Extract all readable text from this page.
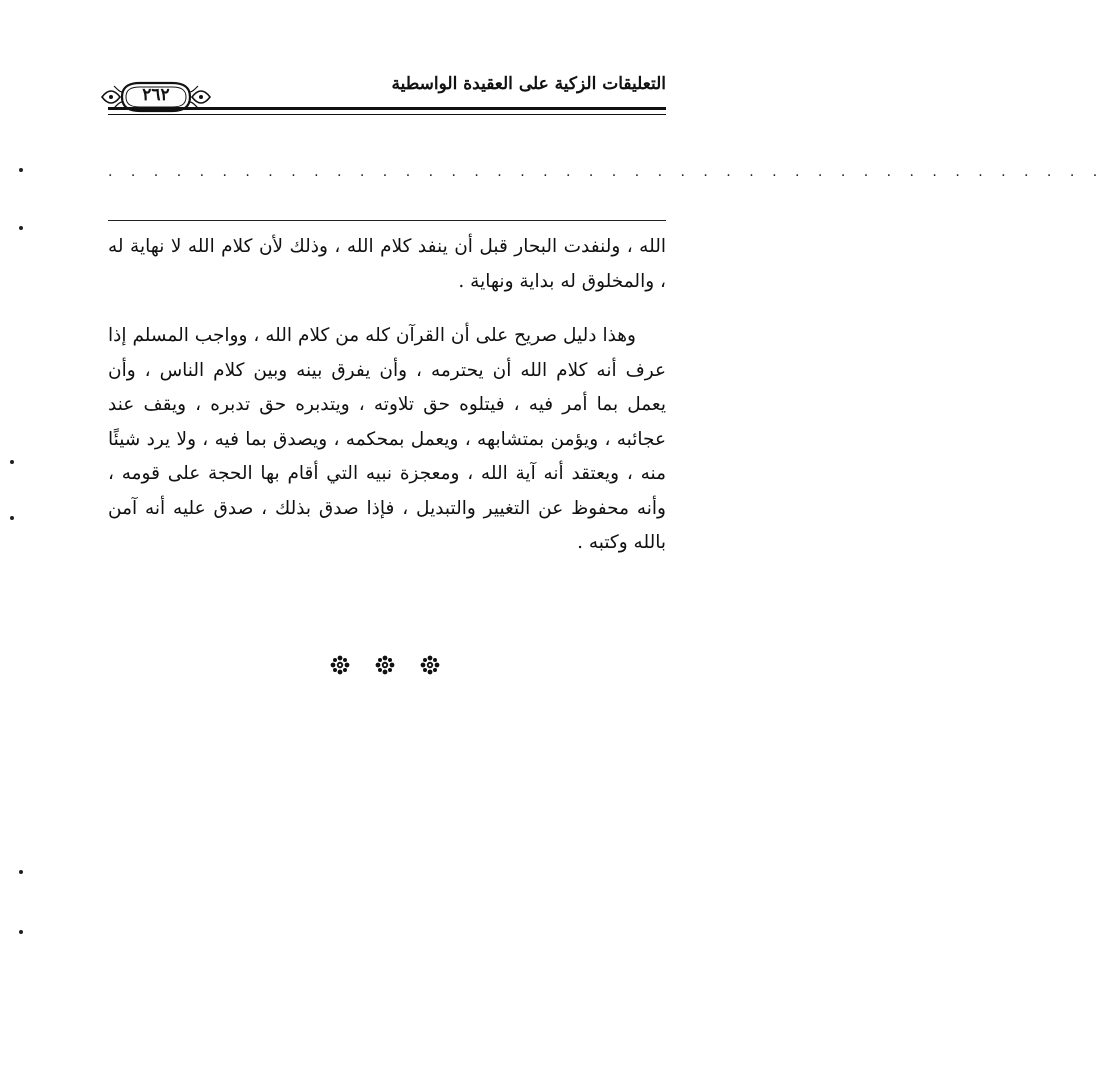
التعليقات الزكية على العقيدة الواسطية
٢٦٢
. . . . . . . . . . . . . . . . . . . . . . . . . . . . . . . . . . . . . . . . . . . .

الله ، ولنفدت البحار قبل أن ينفد كلام الله ، وذلك لأن كلام الله لا نهاية له ، والمخلوق له بداية ونهاية .

وهذا دليل صريح على أن القرآن كله من كلام الله ، وواجب المسلم إذا عرف أنه كلام الله أن يحترمه ، وأن يفرق بينه وبين كلام الناس ، وأن يعمل بما أمر فيه ، فيتلوه حق تلاوته ، ويتدبره حق تدبره ، ويقف عند عجائبه ، ويؤمن بمتشابهه ، ويعمل بمحكمه ، ويصدق بما فيه ، ولا يرد شيئًا منه ، ويعتقد أنه آية الله ، ومعجزة نبيه التي أقام بها الحجة على قومه ، وأنه محفوظ عن التغيير والتبديل ، فإذا صدق بذلك ، صدق عليه أنه آمن بالله وكتبه .
